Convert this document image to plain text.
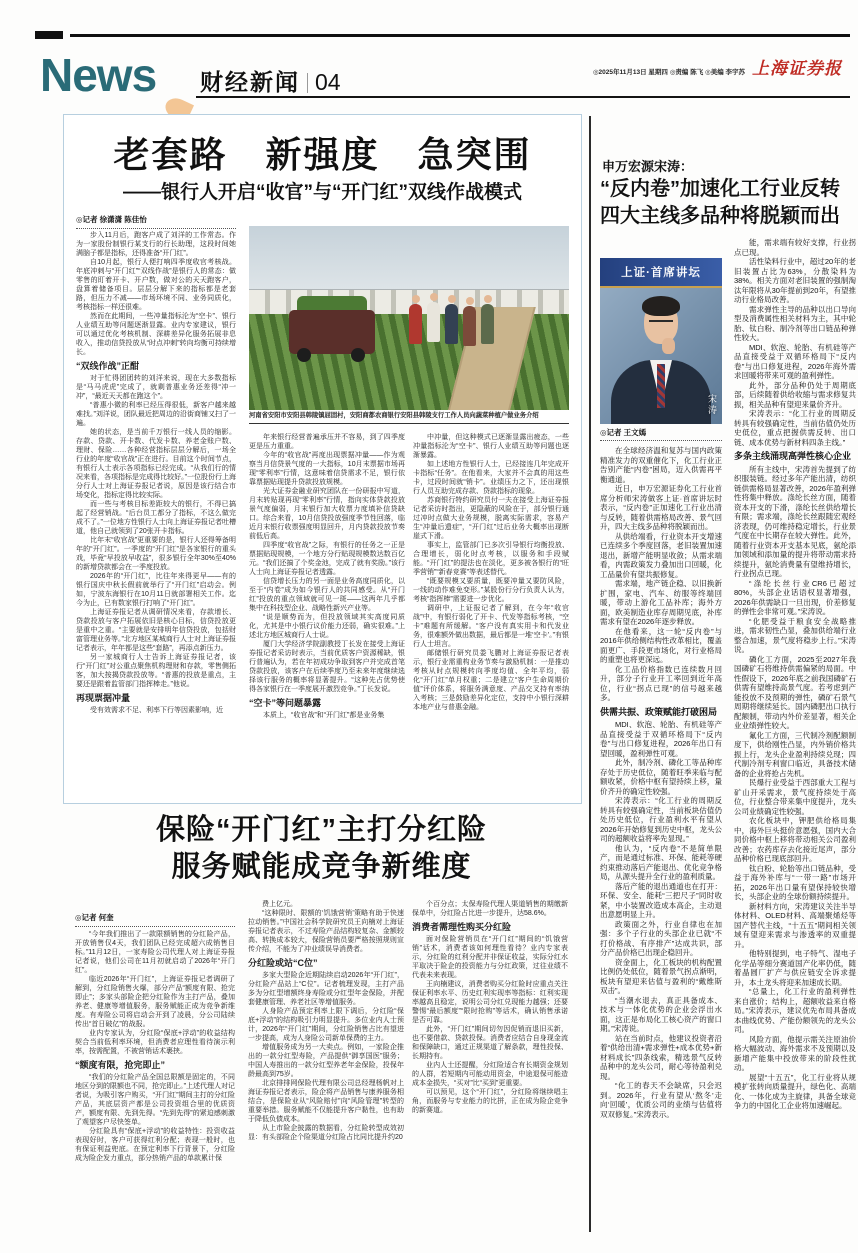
News 财经新闻 04	◎2025年11月13日 星期四 ◎责编 陈飞 ◎美编 李宇苏 上海证券报
老套路　新强度　急突围
——银行人开启“收官”与“开门红”双线作战模式
◎记者 徐潇潇 陈佳怡
河南省安阳市安阳县韩陵镇屈固村，安阳商都农商银行安阳县韩陵支行工作人员向蔬菜种植户做业务介绍

步入11月后，跑客户成了刘洋的工作常态。作为一家股份制银行某支行的行长助理，这段时间她满脑子都是指标，还得准备“开门红”。

自10月起，银行人便打响四季度收官考核战。年底冲刺与“开门红”“双线作战”是银行人的常态：做零售的盯着开卡、开户数，做对公的天天跑客户，盘算着储备项目。层层分解下来的指标都是老套路，但压力不减——市场环境不同、业务同质化，考核指标一样还很难。

然而在此期间，一些冲量指标沦为“空卡”、银行人业绩互助等问题逐渐显露。业内专家建议，银行可以通过优化考核机制、深耕差异化服务拓展非息收入，推动信贷投放从“时点冲刺”转向均衡可持续增长。

“双线作战”正酣

对于忙得团团转的刘洋来说，现在大多数指标是“马马虎虎”完成了，就剩普惠业务还差得“冲一冲”，“最近天天都在跑这个”。

“普惠小微的利率已经压得很低，新客户越来越难找。”刘洋说，团队最近把周边的沿街商铺又扫了一遍。

她的状态，是当前千万银行一线人员的缩影。存款、贷款、开卡数、代发卡数、养老金账户数、理财、保险……各种经营指标层层分解后，一场全行业的年度“收官战”正在进行。目前这个时间节点，有银行人士表示各项指标已经完成。“从我们行的情况来看，各项指标是完成得比较好。”一位股份行上海分行人士对上海证券报记者说，原因是该行结合市场变化，指标定得比较实际。

而一些与考核目标差距较大的银行，不得已搞起了经营销战。“后台员工都分了指标，不这么做完成不了。”一位地方性银行人士向上海证券报记者吐槽道，他自己就领到了20张开卡指标。

比年末“收官战”更重要的是，银行人还得筹备明年的“开门红”。一季度的“开门红”是各家银行的重头戏，毕竟“早投放早收益”，很多银行全年30%至40%的新增贷款都会在一季度投放。

2026年的“开门红”，比往年来得更早——有的银行国庆中秋长假前就举行了“开门红”启动会。例如，宁波东海银行在10月11日就部署相关工作。迄今为止，已有数家银行打响了“开门红”。

上海证券报记者从调研情况来看，存款增长、贷款投放与客户拓展依旧是核心目标，信贷投放更是重中之重。“主要就是安排明年信贷投放，包括财富管理业务等。”北方地区某城商行人士对上海证券报记者表示，年年都是这些“套路”，再添点新压力。

另一家城商行人士告诉上海证券报记者，该行“开门红”对公重点聚焦机构理财和存款，零售侧拓客，加大按揭贷款投放等。“普惠的投放是重点，主要还是跟着监管部门指挥棒走。”他说。

再现票据冲量

受有效需求不足、利率下行等因素影响，近

年来银行经营普遍承压并不容易，到了四季度更是压力重重。

今年的“收官战”再度出现票据冲量——作为观察当月信贷景气度的一大指标，10月末票据市场再现“零利率”行情，这意味着信贷需求不足，银行依靠票据贴现提升贷款投放规模。

光大证券金融业研究团队在一份研报中写道，月末转贴现再现“零利率”行情，指向实体贷款投放景气度偏弱，月末银行加大收票力度填补信贷缺口。综合来看，10月信贷投放强度季节性回落，临近月末银行收票强度明显回升，月内贷款投放节奏前低后高。

四季度“收官战”之际，有银行的任务之一正是票据贴现规模，一个地方分行贴现规模数达数百亿元。“我们还搞了个奖金池，完成了就有奖励。”该行人士向上海证券报记者透露。

信贷增长压力的另一面是业务高度同质化，以至于“内卷”成为如今银行人的共同感受。从“开门红”投放的重点领域就可见一斑——这两年几乎都集中在科技型企业、战略性新兴产业等。

“说是顺势而为，但投放领域其实高度同质化，尤其是中小银行议价能力还弱，确实很难。”上述北方地区城商行人士说。

厦门大学经济学院副教授丁长发在接受上海证券报记者采访时表示，当前优质客户资源稀缺，银行普遍认为，若在年初成功争取到客户并完成首笔贷款投放，该客户在后续季度乃至未来年度继续选择该行服务的概率将显著提升。“这种先占优势使得各家银行在一季度展开激烈竞争。”丁长发说。

“空卡”等问题暴露

本质上，“收官战”和“开门红”都是业务集

中冲量，但这种模式已逐渐显露出疲态，一些冲量指标沦为“空卡”、银行人业绩互助等问题也逐渐暴露。

如上述地方性银行人士，已经接连几年完成开卡指标“任务”。在他看来，大家并不会真的用这些卡，过段时间就“销卡”。业绩压力之下，还出现银行人员互助完成存款、贷款指标的现象。

苏商银行特约研究员付一夫在接受上海证券报记者采访时指出，更隐蔽的风险在于，部分银行通过冲时点做大业务规模，脱离实际需求，容易产生“冲量后遗症”，“开门红”过后业务大概率出现断崖式下滑。

事实上，监管部门已多次引导银行均衡投放、合理增长，弱化时点考核，以服务和手段赋能。“开门红”的提法也在淡化，更多被各银行的“旺季营销”“新春竞赛”等表述替代。

“既要规模又要质量，既要冲量又要防风险，一线的动作难免变形。”某股份行分行负责人认为，考核“指挥棒”需要进一步优化。

调研中，上证报记者了解到，在今年“收官战”中，有银行弱化了开卡、代发等指标考核，“空卡”难题有所缓解。“客户没有真实用卡和代发业务，很难额外做出数据，最后都是一堆‘空卡’。”有银行人士坦言。

邮储银行研究员娄飞鹏对上海证券报记者表示，银行业需重构业务节奏与激励机制：一是推动考核从时点规模转向季度均值、全年平均，弱化“开门红”单月权重；二是建立“客户生命周期价值”评价体系，将服务满意度、产品交叉持有率纳入考核；三是鼓励差异化定位，支持中小银行深耕本地产业与普惠金融。

保险“开门红”主打分红险
服务赋能成竞争新维度
◎记者 何奎

“今年我们推出了一款限额销售的分红险产品，开放销售仅4天，我们团队已经完成超六成销售目标。”11月12日，一家寿险公司代理人对上海证券报记者说，他们公司在11月初就启动了2026年“开门红”。

临近2026年“开门红”，上海证券报记者调研了解到，分红险销售火爆，部分产品“额度有限、抢完即止”；多家头部险企把分红险作为主打产品，叠加养老、健康等增值服务，服务赋能正成为竞争新维度。有寿险公司将启动会开到了凌晨，分公司陆续传出“首日破亿”的战报。

业内专家认为，分红险“保底+浮动”的收益结构契合当前低利率环境，但消费者应理性看待演示利率，按需配置，不被营销话术裹挟。

“额度有限，抢完即止”

“我们的分红险产品全国总限额是固定的，不同地区分到的限额也不同，抢完即止。”上述代理人对记者说，为吸引客户购买，“开门红”期间主打的分红险产品，其底层资产都是公司投资组合里的优质资产，额度有限、先到先得。“先到先得”的紧迫感刺激了观望客户尽快签单。

分红险具有“保底+浮动”的收益特性：投资收益表现好时，客户可获得红利分配；表现一般时，也有保证利益兜底。在预定利率下行背景下，分红险成为险企发力重点，部分热销产品的单款累计保

费上亿元。

“这种限时、限额的‘饥饿营销’策略有助于快速拉动销售。”中国社会科学院研究员王向楠对上海证券报记者表示，不过寿险产品结构较复杂、金额较高、转换成本较大，保险营销员要严格按照规则宣传介绍，不能为了冲业绩误导消费者。

分红险或站“C位”

多家大型险企近期陆续启动2026年“开门红”，分红险产品站上“C位”。记者梳理发现，主打产品多为分红型增额终身寿险或分红型年金保险，并配套健康管理、养老社区等增值服务。

人身险产品预定利率上限下调后，分红险“保底+浮动”的结构吸引力明显提升。多位业内人士预计，2026年“开门红”期间，分红险销售占比有望进一步提高，成为人身险公司新单保费的主力。

增值服务成为另一大卖点。例如，一家险企推出的一款分红型寿险，产品提供“御享国医”服务；中国人寿推出的一款分红型养老年金保险，投保年龄最高到75岁。

北京排排网保险代理有限公司总经理杨帆对上海证券报记者表示，险企将产品销售与康养服务相结合，是保险业从“风险赔付”向“风险管理”转型的重要举措。服务赋能不仅能提升客户黏性，也有助于降低负债成本。

从上市险企披露的数据看，分红险转型成效初显：有头部险企个险渠道分红险占比同比提升约20

个百分点；太保寿险代理人渠道销售的期缴新保单中，分红险占比进一步提升，达58.6%。

消费者需理性购买分红险

面对保险营销员在“开门红”期间的“饥饿营销”话术，消费者该如何理性看待？业内专家表示，分红险的红利分配并非保证收益，实际分红水平取决于险企的投资能力与分红政策，过往业绩不代表未来表现。

王向楠建议，消费者购买分红险时应重点关注保证利率水平、历史红利实现率等指标：红利实现率越高且稳定，说明公司分红兑现能力越强；还要警惕“最后额度”“限时抢购”等话术，确认销售承诺是否可靠。

此外，“开门红”期间切勿因促销而退旧买新，也不要借款、贷款投保。消费者应结合自身现金流和保障缺口，通过正规渠道了解条款，理性投保、长期持有。

业内人士还提醒，分红险适合有长期资金规划的人群，若短期内可能动用资金，中途退保可能造成本金损失，“买对”比“买到”更重要。

可以预见，这个“开门红”，分红险将继续唱主角，而服务与专业能力的比拼，正在成为险企竞争的新赛道。

申万宏源宋涛：
“反内卷”加速化工行业反转
四大主线多品种将脱颖而出
上证·首席讲坛
宋涛
◎记者 王文嫣

在全球经济温和复苏与国内政策精准发力的双重催化下，化工行业正告别产能“内卷”困局，迈入供需再平衡通道。

近日，申万宏源证券化工行业首席分析师宋涛做客上证·首席讲坛时表示，“反内卷”正加速化工行业出清与反转，随着供需格局改善、景气回升，四大主线多品种将脱颖而出。

从供给端看，行业资本开支增速已连续多个季度回落，老旧装置加速退出，新增产能明显收敛；从需求端看，内需政策发力叠加出口回暖，化工品量价有望共振修复。

需求端，地产链企稳、以旧换新扩围，家电、汽车、纺服等终端回暖，带动上游化工品补库；海外方面，欧美制造业库存周期见底，补库需求有望在2026年逐步释放。

在他看来，这一轮“反内卷”与2016年供给侧结构性改革相比，覆盖面更广、手段更市场化，对行业格局的重塑也将更深远。

化工品价格指数已连续数月回升，部分子行业开工率回到近年高位，行业“拐点已现”的信号越来越多。

供需共振、政策赋能打破困局

MDI、软泡、轮胎、有机硅等产品直接受益于双循环格局下“反内卷”与出口修复进程，2026年出口有望回暖，盈利弹性可观。

此外，制冷剂、磷化工等品种库存处于历史低位，随着旺季来临与配额收紧，价格中枢有望持续上移，量价齐升的确定性较强。

宋涛表示：“化工行业的周期反转具有较强确定性，当前板块估值仍处历史低位，行业盈利水平有望从2026年开始修复到历史中枢，龙头公司的超额收益将率先显现。”

他认为，“反内卷”不是简单限产，而是通过标准、环保、能耗等硬约束推动落后产能退出、优化竞争格局，从源头提升全行业的盈利质量。

落后产能的退出通道也在打开：环保、安全、能耗“三把尺子”同时收紧，中小装置改造成本高企，主动退出意愿明显上升。

政策面之外，行业自律也在加强：多个子行业的头部企业已就“不打价格战、有序排产”达成共识，部分产品价格已出现企稳回升。

资金面上，化工板块的机构配置比例仍处低位，随着景气拐点渐明，板块有望迎来估值与盈利的“戴维斯双击”。

“当潮水退去，真正具备成本、技术与一体化优势的企业会浮出水面，这正是布局化工核心资产的窗口期。”宋涛说。

站在当前时点，他建议投资者沿着“供给出清+需求弹性+成本优势+新材料成长”四条线索，精选景气反转品种中的龙头公司，耐心等待盈利兑现。

“化工的春天不会缺席，只会迟到。2026年，行业有望从‘熬冬’走向‘回暖’，优质公司的业绩与估值将双双修复。”宋涛表示。

能，需求端有较好支撑，行业拐点已现。

活性染料行业中，超过20年的老旧装置占比为63%，分散染料为38%。相关方面对老旧装置的强制淘汰年限将从30年提前到20年，有望推动行业格局改善。

需求弹性主导的品种以出口导向型及消费属性相关材料为主，其中轮胎、钛白粉、制冷剂等出口链品种弹性较大。

MDI、软泡、轮胎、有机硅等产品直接受益于双循环格局下“反内卷”与出口修复进程，2026年海外需求回暖将带来可观的盈利弹性。

此外，部分品种仍处于周期底部，后续随着供给收缩与需求修复共振，相关品种有望迎来量价齐升。

宋涛表示：“化工行业的周期反转具有较强确定性，当前估值仍处历史低位，重点把握供需反转、出口链、成本优势与新材料四条主线。”

多条主线涌现高弹性核心企业

所有主线中，宋涛首先提到了纺织服装链。经过多年产能出清，纺织链供需格局显著改善，2026年盈利弹性将集中释放。涤纶长丝方面，随着资本开支的下滑，涤纶长丝供给增长有限；需求端，涤纶长丝跟随宏观经济表现，仍可维持稳定增长，行业景气度在中长期存在较大弹性。此外，随着行业资本开支基本见底，氨纶添加领域和添加量的提升将带动需求持续提升，氨纶消费量有望维持增长，行业拐点已现。

“涤纶长丝行业CR6已超过80%，头部企业话语权显著增强，2026年供需缺口一旦出现，价差修复的弹性会非常可观。”宋涛说。

“化肥受益于粮食安全战略推进，需求韧性凸显，叠加供给端行业整合加速，景气度将稳步上行。”宋涛说。

磷化工方面，2025至2027年我国磷矿石将维持供需偏紧的局面。中性假设下，2026年底之前我国磷矿石供需有望维持高景气度。若考虑到产能投放不及预期的弹性，磷矿石景气周期将继续延长。国内磷肥出口执行配额制，带动内外价差显著，相关企业业绩弹性较大。

氟化工方面，三代制冷剂配额制度下，供给刚性凸显，内外销价格共振上行，龙头企业盈利持续兑现；四代制冷剂专利窗口临近，具备技术储备的企业将抢占先机。

民爆行业受益于西部重大工程与矿山开采需求，景气度持续处于高位，行业整合带来集中度提升，龙头公司业绩确定性较强。

农化板块中，钾肥供给格局集中，海外巨头挺价意愿强，国内大合同价格中枢上移将带动相关公司盈利改善；农药库存去化接近尾声，部分品种价格已现底部回升。

钛白粉、轮胎等出口链品种，受益于海外补库与“一带一路”市场开拓，2026年出口量有望保持较快增长，头部企业的全球份额持续提升。

新材料方向，宋涛建议关注半导体材料、OLED材料、高端聚烯烃等国产替代主线，“十五五”期间相关领域有望迎来需求与渗透率的双重提升。

他特别提到，电子特气、湿电子化学品等细分赛道国产化率仍低，随着晶圆厂扩产与供应链安全诉求提升，本土龙头将迎来加速成长期。

“总量上，化工行业的盈利弹性来自涨价；结构上，超额收益来自格局。”宋涛表示，建议优先布局具备成本曲线优势、产能份额领先的龙头公司。

风险方面，他提示需关注原油价格大幅波动、海外需求不及预期以及新增产能集中投放带来的阶段性扰动。

展望“十五五”，化工行业将从规模扩张转向质量提升，绿色化、高端化、一体化成为主旋律，具备全球竞争力的中国化工企业将加速崛起。
